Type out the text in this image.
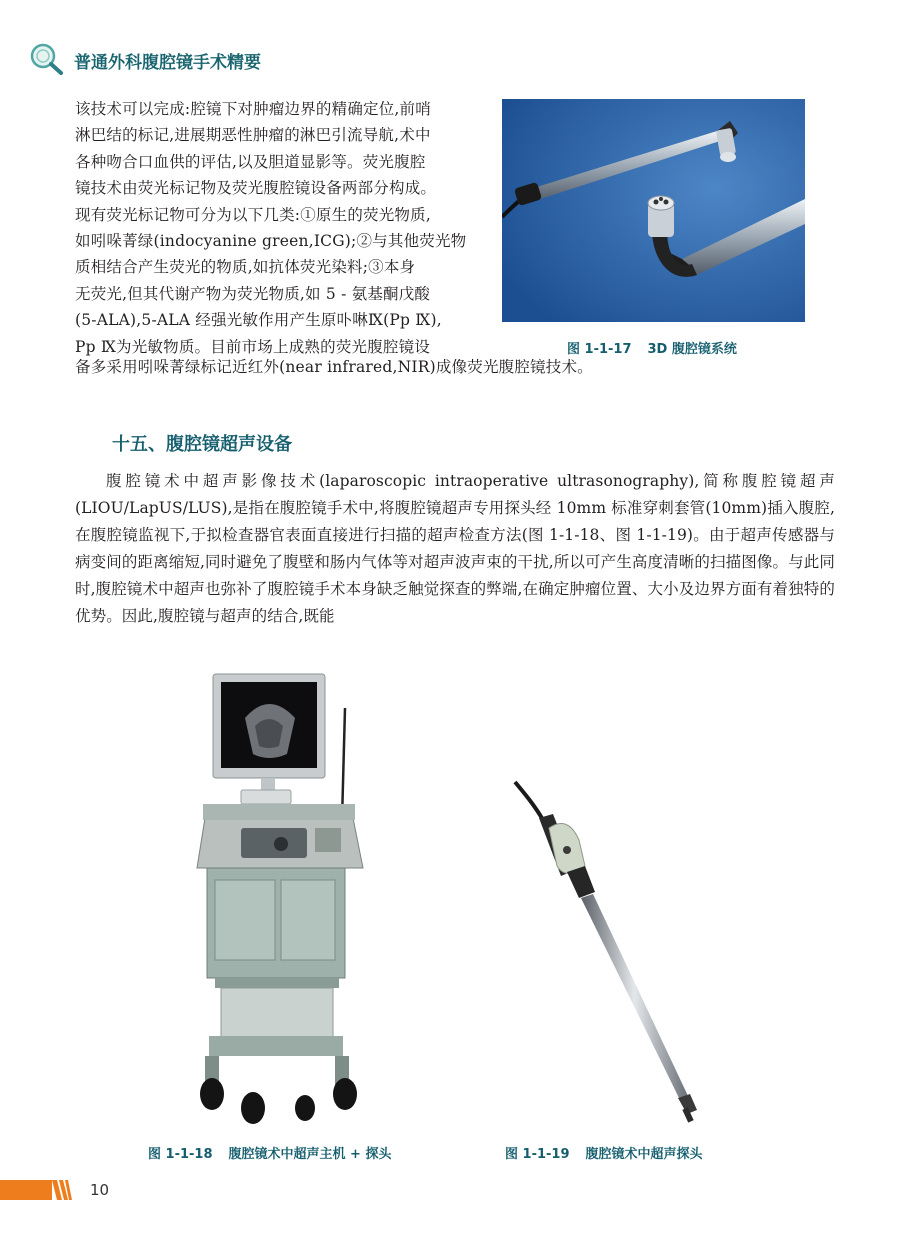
普通外科腹腔镜手术精要
该技术可以完成:腔镜下对肿瘤边界的精确定位,前哨
淋巴结的标记,进展期恶性肿瘤的淋巴引流导航,术中
各种吻合口血供的评估,以及胆道显影等。荧光腹腔
镜技术由荧光标记物及荧光腹腔镜设备两部分构成。
现有荧光标记物可分为以下几类:①原生的荧光物质,
如吲哚菁绿(indocyanine green,ICG);②与其他荧光物
质相结合产生荧光的物质,如抗体荧光染料;③本身
无荧光,但其代谢产物为荧光物质,如 5 - 氨基酮戊酸
(5-ALA),5-ALA 经强光敏作用产生原卟啉Ⅸ(Pp Ⅸ),
Pp Ⅸ为光敏物质。目前市场上成熟的荧光腹腔镜设
备多采用吲哚菁绿标记近红外(near infrared,NIR)成像荧光腹腔镜技术。
图 1-1-17 3D 腹腔镜系统
十五、腹腔镜超声设备
腹腔镜术中超声影像技术(laparoscopic intraoperative ultrasonography),简称腹腔镜超声(LIOU/LapUS/LUS),是指在腹腔镜手术中,将腹腔镜超声专用探头经 10mm 标准穿刺套管(10mm)插入腹腔,在腹腔镜监视下,于拟检查器官表面直接进行扫描的超声检查方法(图 1-1-18、图 1-1-19)。由于超声传感器与病变间的距离缩短,同时避免了腹壁和肠内气体等对超声波声束的干扰,所以可产生高度清晰的扫描图像。与此同时,腹腔镜术中超声也弥补了腹腔镜手术本身缺乏触觉探查的弊端,在确定肿瘤位置、大小及边界方面有着独特的优势。因此,腹腔镜与超声的结合,既能
图 1-1-18 腹腔镜术中超声主机 + 探头	图 1-1-19 腹腔镜术中超声探头
10
